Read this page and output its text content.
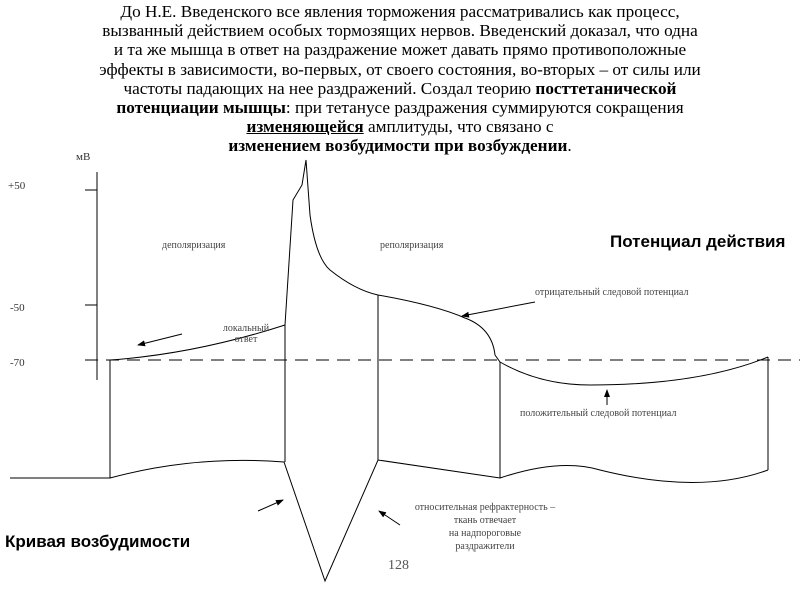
До Н.Е. Введенского все явления торможения рассматривались как процесс,
вызванный действием особых тормозящих нервов. Введенский доказал, что одна
и та же мышца в ответ на раздражение может давать прямо противоположные
эффекты в зависимости, во-первых, от своего состояния, во-вторых – от силы или
частоты падающих на нее раздражений. Создал теорию посттетанической
потенциации мышцы: при тетанусе раздражения суммируются сокращения
изменяющейся амплитуды, что связано с
изменением возбудимости при возбуждении.
мВ
+50
-50
-70
деполяризация	реполяризация
локальный
ответ
отрицательный следовой потенциал
положительный следовой потенциал
относительная рефрактерность –
ткань отвечает
на надпороговые
раздражители
Потенциал действия
Кривая возбудимости
128
